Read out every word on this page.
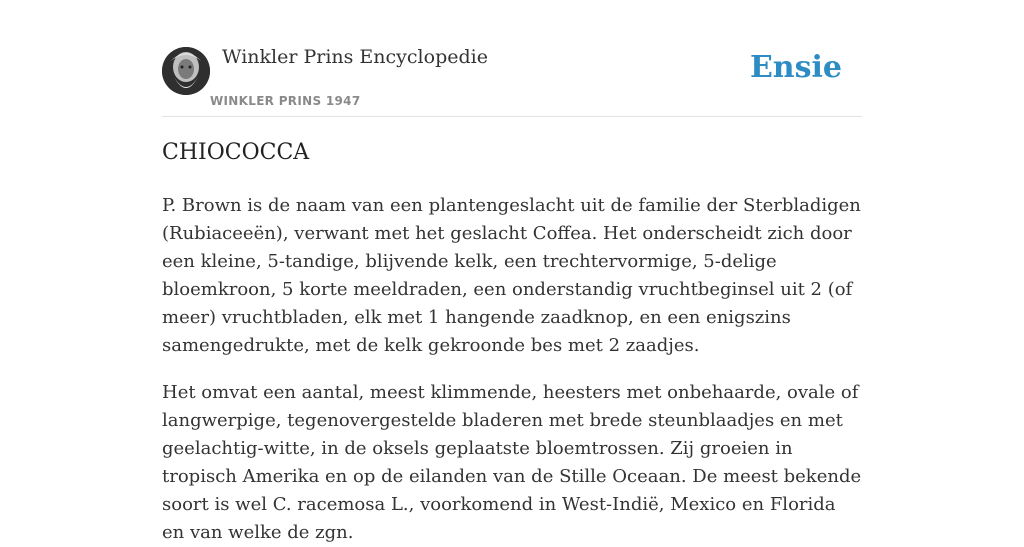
Winkler Prins Encyclopedie
WINKLER PRINS 1947
Ensie
CHIOCOCCA

P. Brown is de naam van een plantengeslacht uit de familie der Sterbladigen (Rubiaceeën), verwant met het geslacht Coffea. Het onderscheidt zich door een kleine, 5-tandige, blijvende kelk, een trechtervormige, 5-delige bloemkroon, 5 korte meeldraden, een onderstandig vruchtbeginsel uit 2 (of meer) vruchtbladen, elk met 1 hangende zaadknop, en een enigszins samengedrukte, met de kelk gekroonde bes met 2 zaadjes.

Het omvat een aantal, meest klimmende, heesters met onbehaarde, ovale of langwerpige, tegenovergestelde bladeren met brede steunblaadjes en met geelachtig-witte, in de oksels geplaatste bloemtrossen. Zij groeien in tropisch Amerika en op de eilanden van de Stille Oceaan. De meest bekende soort is wel C. racemosa L., voorkomend in West-Indië, Mexico en Florida en van welke de zgn.
